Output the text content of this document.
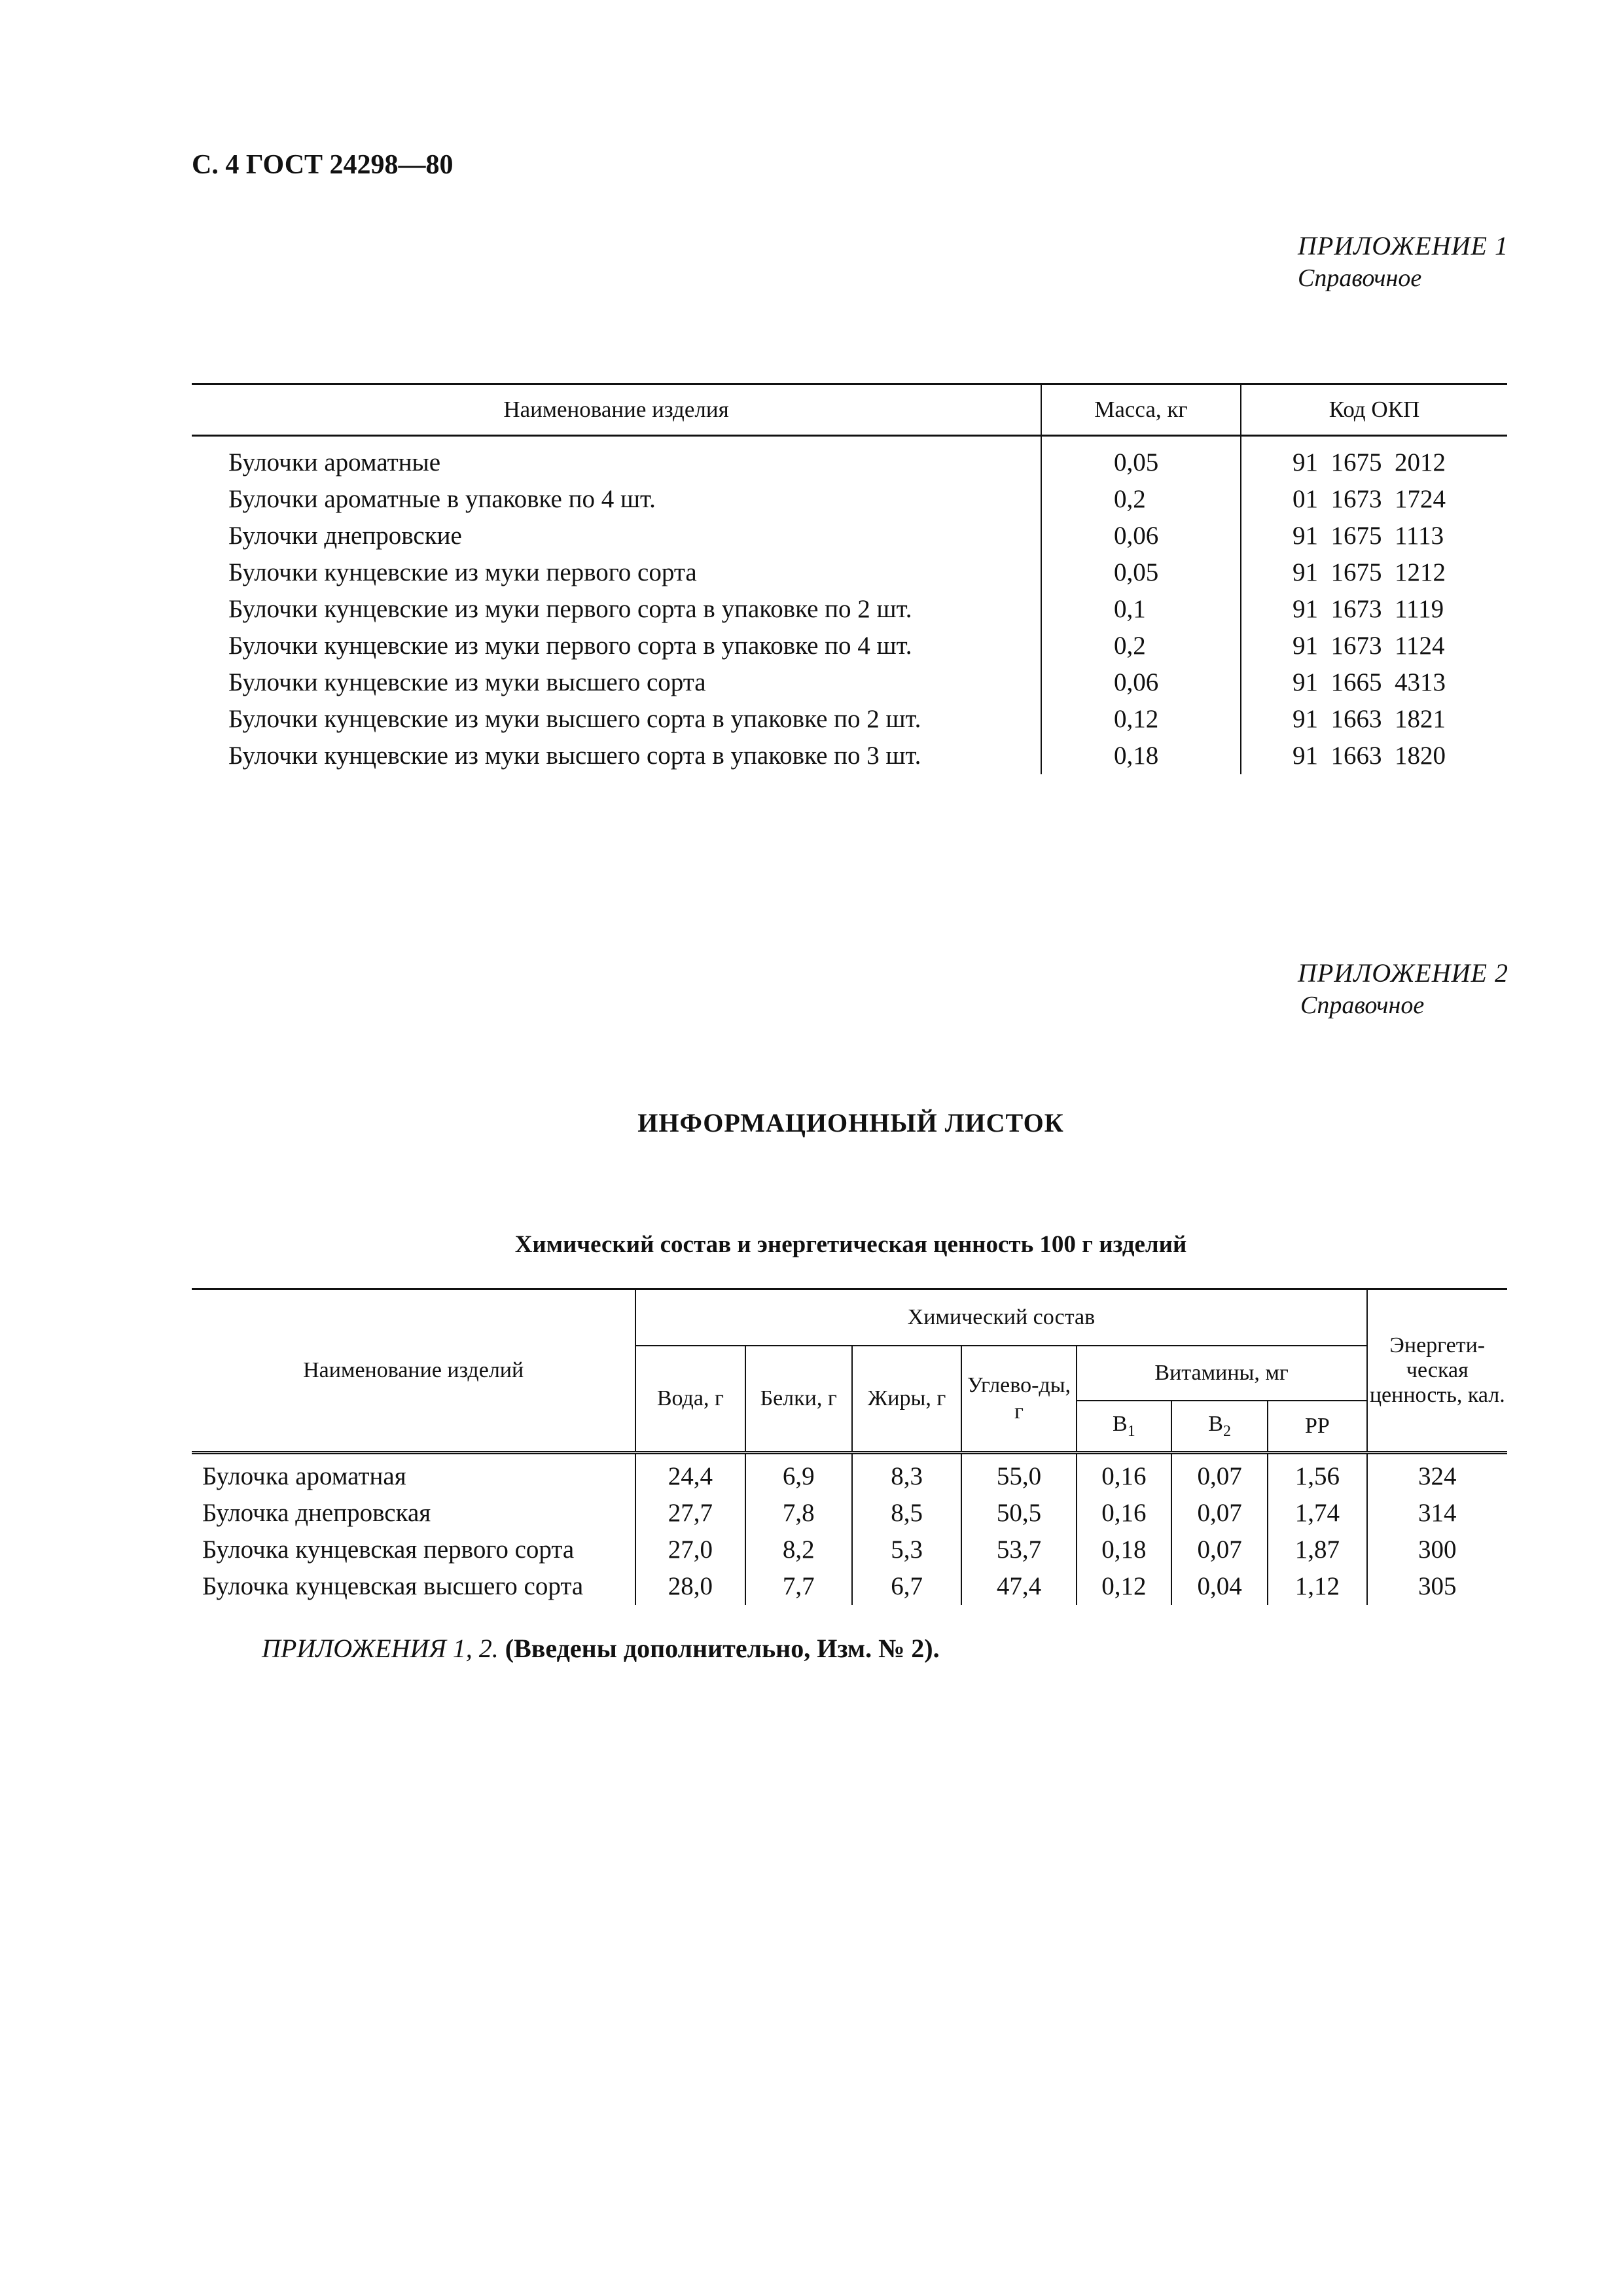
С. 4 ГОСТ 24298—80
ПРИЛОЖЕНИЕ 1
Справочное
Наименование изделия	Масса, кг	Код ОКП
Булочки ароматные	0,05	91  1675  2012
Булочки ароматные в упаковке по 4 шт.	0,2	01  1673  1724
Булочки днепровские	0,06	91  1675  1113
Булочки кунцевские из муки первого сорта	0,05	91  1675  1212
Булочки кунцевские из муки первого сорта в упаковке по 2 шт.	0,1	91  1673  1119
Булочки кунцевские из муки первого сорта в упаковке по 4 шт.	0,2	91  1673  1124
Булочки кунцевские из муки высшего сорта	0,06	91  1665  4313
Булочки кунцевские из муки высшего сорта в упаковке по 2 шт.	0,12	91  1663  1821
Булочки кунцевские из муки высшего сорта в упаковке по 3 шт.	0,18	91  1663  1820
ПРИЛОЖЕНИЕ 2
Справочное
ИНФОРМАЦИОННЫЙ ЛИСТОК
Химический состав и энергетическая ценность 100 г изделий
Наименование изделий	Химический состав							Энергети-ческая ценность, кал.
	Вода, г	Белки, г	Жиры, г	Углево-ды, г	Витамины, мг			
					$В_1$	$В_2$	РР	
Булочка ароматная	24,4	6,9	8,3	55,0	0,16	0,07	1,56	324
Булочка днепровская	27,7	7,8	8,5	50,5	0,16	0,07	1,74	314
Булочка кунцевская первого сорта	27,0	8,2	5,3	53,7	0,18	0,07	1,87	300
Булочка кунцевская высшего сорта	28,0	7,7	6,7	47,4	0,12	0,04	1,12	305
ПРИЛОЖЕНИЯ 1, 2. (Введены дополнительно, Изм. № 2).
